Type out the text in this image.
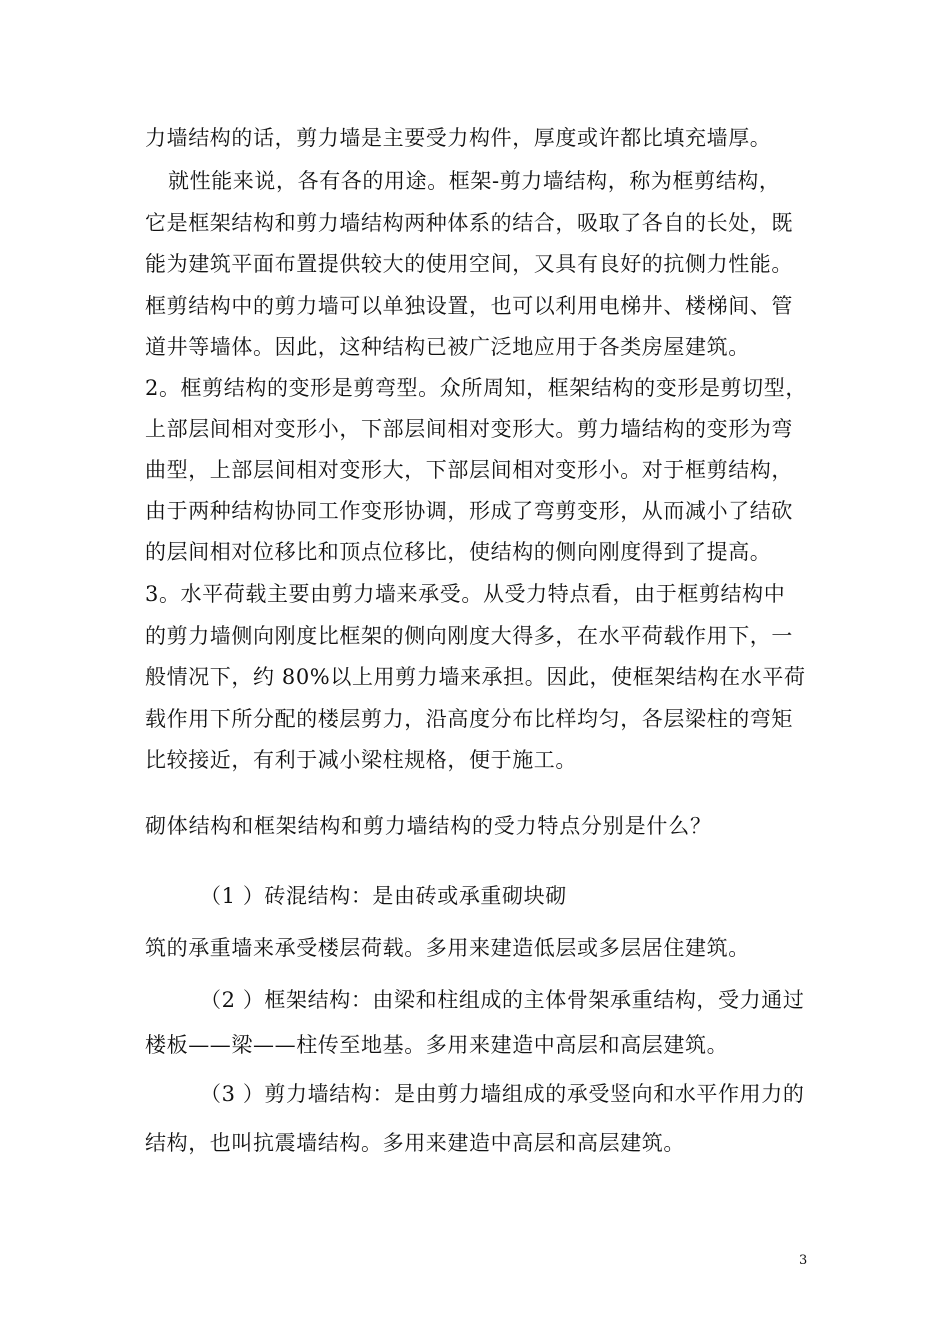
力墙结构的话，剪力墙是主要受力构件，厚度或许都比填充墙厚。
就性能来说，各有各的用途。框架-剪力墙结构，称为框剪结构，
它是框架结构和剪力墙结构两种体系的结合，吸取了各自的长处，既
能为建筑平面布置提供较大的使用空间，又具有良好的抗侧力性能。
框剪结构中的剪力墙可以单独设置，也可以利用电梯井、楼梯间、管
道井等墙体。因此，这种结构已被广泛地应用于各类房屋建筑。
2。框剪结构的变形是剪弯型。众所周知，框架结构的变形是剪切型，
上部层间相对变形小，下部层间相对变形大。剪力墙结构的变形为弯
曲型，上部层间相对变形大，下部层间相对变形小。对于框剪结构，
由于两种结构协同工作变形协调，形成了弯剪变形，从而减小了结砍
的层间相对位移比和顶点位移比，使结构的侧向刚度得到了提高。
3。水平荷载主要由剪力墙来承受。从受力特点看，由于框剪结构中
的剪力墙侧向刚度比框架的侧向刚度大得多，在水平荷载作用下，一
般情况下，约 80%以上用剪力墙来承担。因此，使框架结构在水平荷
载作用下所分配的楼层剪力，沿高度分布比样均匀，各层梁柱的弯矩
比较接近，有利于减小梁柱规格，便于施工。
砌体结构和框架结构和剪力墙结构的受力特点分别是什么？
（1 ）砖混结构：是由砖或承重砌块砌
筑的承重墙来承受楼层荷载。多用来建造低层或多层居住建筑。
（2 ）框架结构：由梁和柱组成的主体骨架承重结构，受力通过
楼板——梁——柱传至地基。多用来建造中高层和高层建筑。
（3 ）剪力墙结构：是由剪力墙组成的承受竖向和水平作用力的
结构，也叫抗震墙结构。多用来建造中高层和高层建筑。
3
